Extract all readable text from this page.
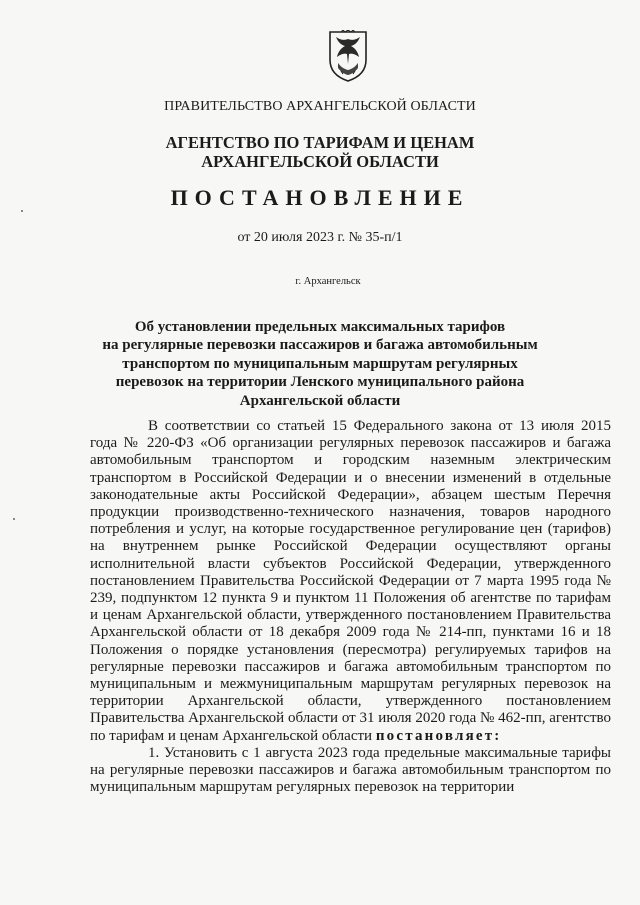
ПРАВИТЕЛЬСТВО АРХАНГЕЛЬСКОЙ ОБЛАСТИ
АГЕНТСТВО ПО ТАРИФАМ И ЦЕНАМ
АРХАНГЕЛЬСКОЙ ОБЛАСТИ
ПОСТАНОВЛЕНИЕ
от 20 июля 2023 г. № 35-п/1
г. Архангельск
Об установлении предельных максимальных тарифов
на регулярные перевозки пассажиров и багажа автомобильным
транспортом по муниципальным маршрутам регулярных
перевозок на территории Ленского муниципального района
Архангельской области

В соответствии со статьей 15 Федерального закона от 13 июля 2015 года № 220-ФЗ «Об организации регулярных перевозок пассажиров и багажа автомобильным транспортом и городским наземным электрическим транспортом в Российской Федерации и о внесении изменений в отдельные законодательные акты Российской Федерации», абзацем шестым Перечня продукции производственно-технического назначения, товаров народного потребления и услуг, на которые государственное регулирование цен (тарифов) на внутреннем рынке Российской Федерации осуществляют органы исполнительной власти субъектов Российской Федерации, утвержденного постановлением Правительства Российской Федерации от 7 марта 1995 года № 239, подпунктом 12 пункта 9 и пунктом 11 Положения об агентстве по тарифам и ценам Архангельской области, утвержденного постановлением Правительства Архангельской области от 18 декабря 2009 года № 214-пп, пунктами 16 и 18 Положения о порядке установления (пересмотра) регулируемых тарифов на регулярные перевозки пассажиров и багажа автомобильным транспортом по муниципальным и межмуниципальным маршрутам регулярных перевозок на территории Архангельской области, утвержденного постановлением Правительства Архангельской области от 31 июля 2020 года № 462-пп, агентство по тарифам и ценам Архангельской области постановляет:

1. Установить с 1 августа 2023 года предельные максимальные тарифы на регулярные перевозки пассажиров и багажа автомобильным транспортом по муниципальным маршрутам регулярных перевозок на территории
